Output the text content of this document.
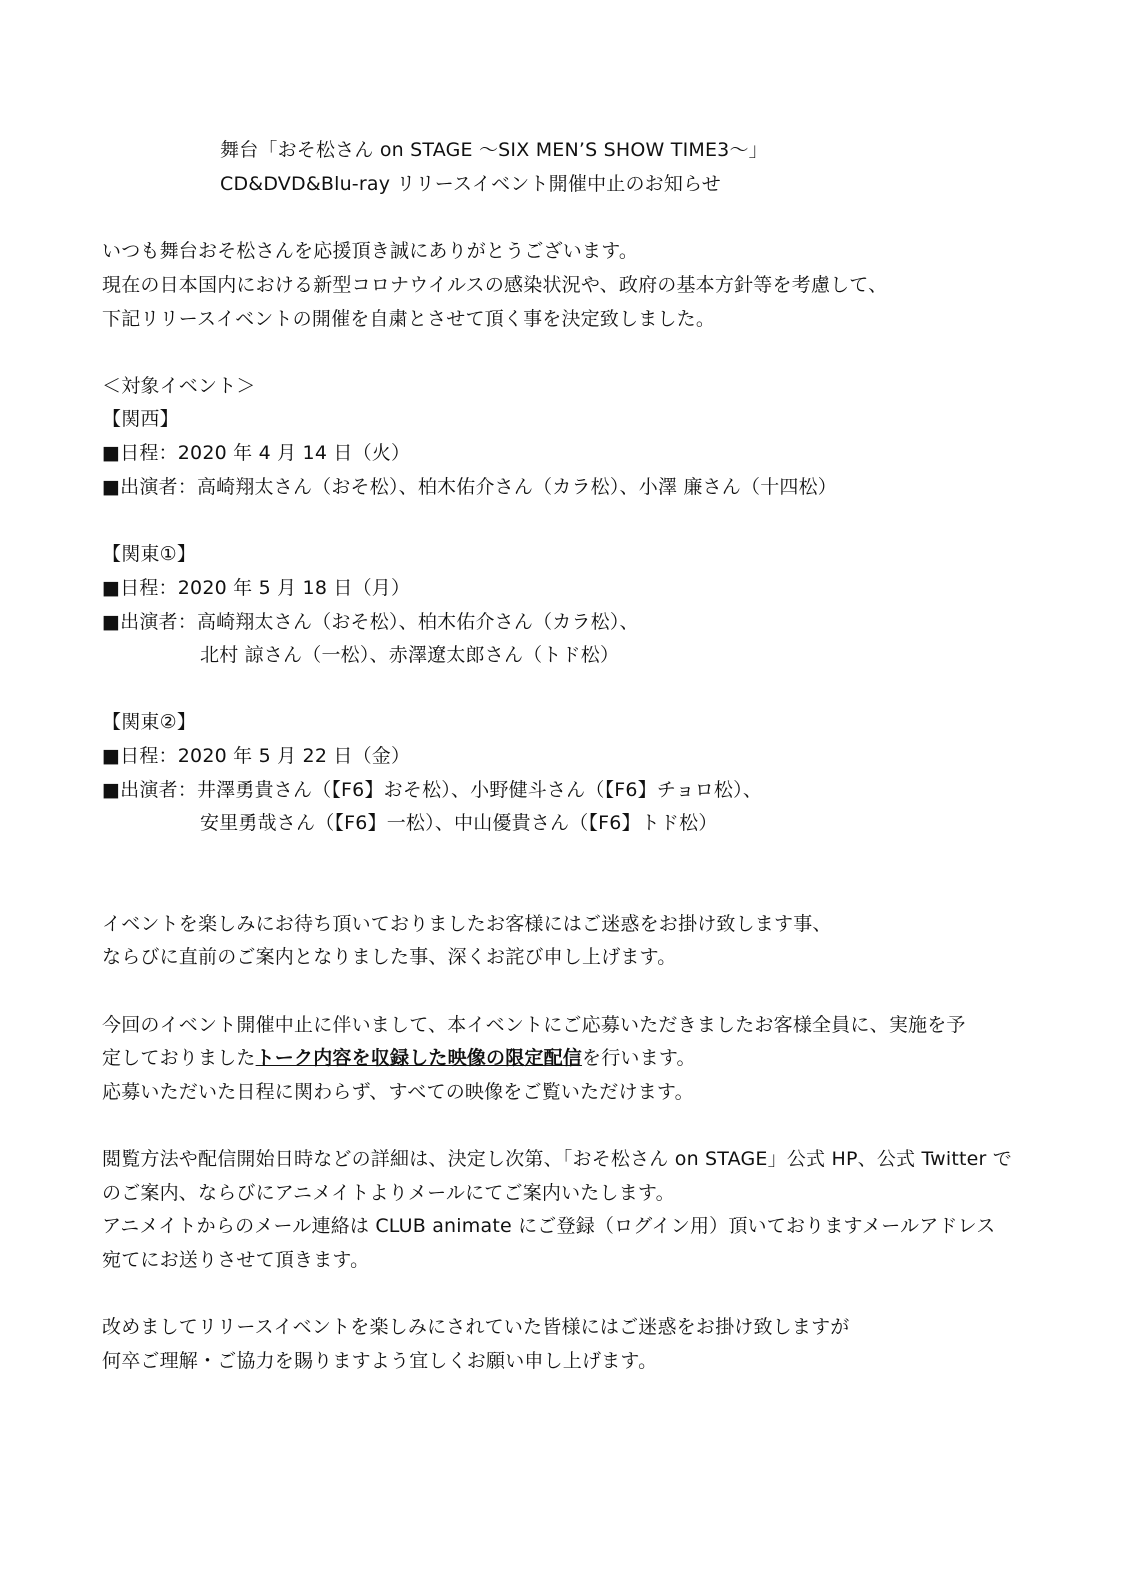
舞台「おそ松さん on STAGE ～SIX MEN’S SHOW TIME3～」
CD&DVD&Blu-ray リリースイベント開催中止のお知らせ
いつも舞台おそ松さんを応援頂き誠にありがとうございます。
現在の日本国内における新型コロナウイルスの感染状況や、政府の基本方針等を考慮して、
下記リリースイベントの開催を自粛とさせて頂く事を決定致しました。
＜対象イベント＞
【関西】
■日程：2020 年 4 月 14 日（火）
■出演者：高崎翔太さん（おそ松）、柏木佑介さん（カラ松）、小澤 廉さん（十四松）
【関東①】
■日程：2020 年 5 月 18 日（月）
■出演者：高崎翔太さん（おそ松）、柏木佑介さん（カラ松）、
北村 諒さん（一松）、赤澤遼太郎さん（トド松）
【関東②】
■日程：2020 年 5 月 22 日（金）
■出演者：井澤勇貴さん（【F6】おそ松）、小野健斗さん（【F6】チョロ松）、
安里勇哉さん（【F6】一松）、中山優貴さん（【F6】トド松）
イベントを楽しみにお待ち頂いておりましたお客様にはご迷惑をお掛け致します事、
ならびに直前のご案内となりました事、深くお詫び申し上げます。
今回のイベント開催中止に伴いまして、本イベントにご応募いただきましたお客様全員に、実施を予
定しておりましたトーク内容を収録した映像の限定配信を行います。
応募いただいた日程に関わらず、すべての映像をご覧いただけます。
閲覧方法や配信開始日時などの詳細は、決定し次第、「おそ松さん on STAGE」公式 HP、公式 Twitter で
のご案内、ならびにアニメイトよりメールにてご案内いたします。
アニメイトからのメール連絡は CLUB animate にご登録（ログイン用）頂いておりますメールアドレス
宛てにお送りさせて頂きます。
改めましてリリースイベントを楽しみにされていた皆様にはご迷惑をお掛け致しますが
何卒ご理解・ご協力を賜りますよう宜しくお願い申し上げます。
